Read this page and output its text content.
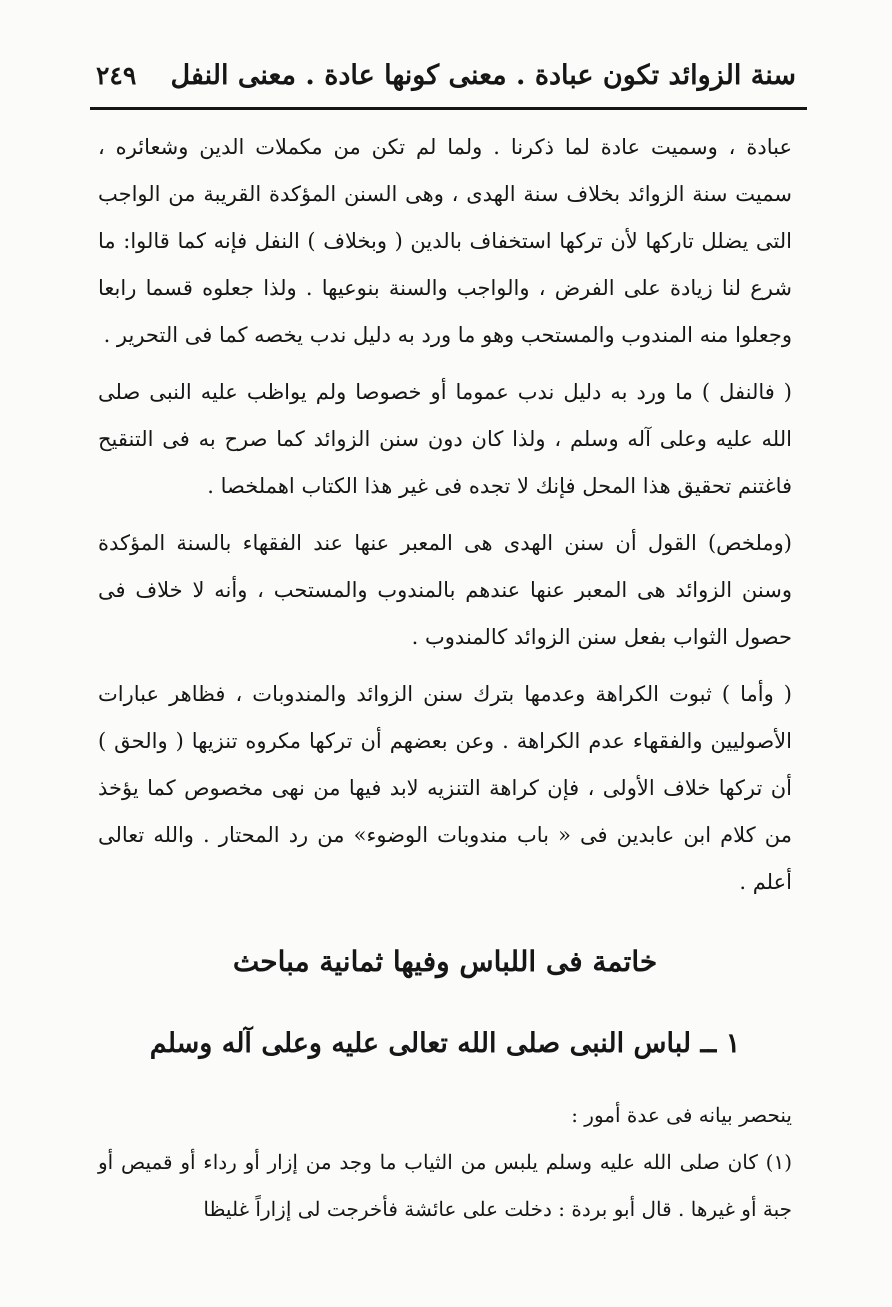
سنة الزوائد تكون عبادة . معنى كونها عادة . معنى النفل
٢٤٩

عبادة ، وسميت عادة لما ذكرنا . ولما لم تكن من مكملات الدين وشعائره ، سميت سنة الزوائد بخلاف سنة الهدى ، وهى السنن المؤكدة القريبة من الواجب التى يضلل تاركها لأن تركها استخفاف بالدين ( وبخلاف ) النفل فإنه كما قالوا: ما شرع لنا زيادة على الفرض ، والواجب والسنة بنوعيها . ولذا جعلوه قسما رابعا وجعلوا منه المندوب والمستحب وهو ما ورد به دليل ندب يخصه كما فى التحرير .

( فالنفل ) ما ورد به دليل ندب عموما أو خصوصا ولم يواظب عليه النبى صلى الله عليه وعلى آله وسلم ، ولذا كان دون سنن الزوائد كما صرح به فى التنقيح فاغتنم تحقيق هذا المحل فإنك لا تجده فى غير هذا الكتاب اهملخصا .

(وملخص) القول أن سنن الهدى هى المعبر عنها عند الفقهاء بالسنة المؤكدة وسنن الزوائد هى المعبر عنها عندهم بالمندوب والمستحب ، وأنه لا خلاف فى حصول الثواب بفعل سنن الزوائد كالمندوب .

( وأما ) ثبوت الكراهة وعدمها بترك سنن الزوائد والمندوبات ، فظاهر عبارات الأصوليين والفقهاء عدم الكراهة . وعن بعضهم أن تركها مكروه تنزيها ( والحق ) أن تركها خلاف الأولى ، فإن كراهة التنزيه لابد فيها من نهى مخصوص كما يؤخذ من كلام ابن عابدين فى « باب مندوبات الوضوء» من رد المحتار . والله تعالى أعلم .

خاتمة فى اللباس وفيها ثمانية مباحث

١ ــ لباس النبى صلى الله تعالى عليه وعلى آله وسلم

ينحصر بيانه فى عدة أمور :

(١) كان صلى الله عليه وسلم يلبس من الثياب ما وجد من إزار أو رداء أو قميص أو جبة أو غيرها . قال أبو بردة : دخلت على عائشة فأخرجت لى إزاراً غليظا
